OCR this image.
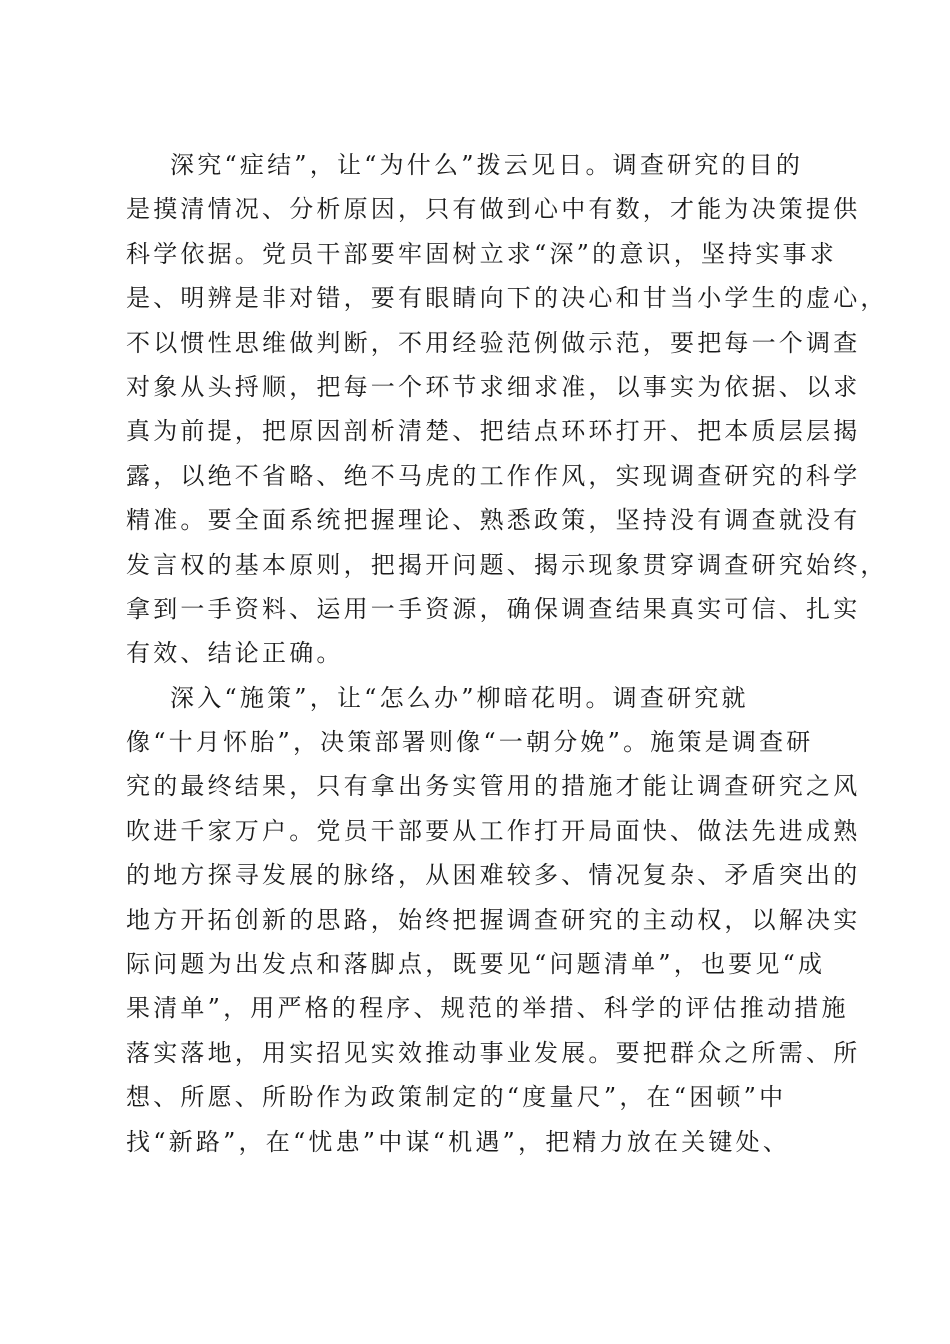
深究“症结”，让“为什么”拨云见日。调查研究的目的
是摸清情况、分析原因，只有做到心中有数，才能为决策提供
科学依据。党员干部要牢固树立求“深”的意识，坚持实事求
是、明辨是非对错，要有眼睛向下的决心和甘当小学生的虚心，
不以惯性思维做判断，不用经验范例做示范，要把每一个调查
对象从头捋顺，把每一个环节求细求准，以事实为依据、以求
真为前提，把原因剖析清楚、把结点环环打开、把本质层层揭
露，以绝不省略、绝不马虎的工作作风，实现调查研究的科学
精准。要全面系统把握理论、熟悉政策，坚持没有调查就没有
发言权的基本原则，把揭开问题、揭示现象贯穿调查研究始终，
拿到一手资料、运用一手资源，确保调查结果真实可信、扎实
有效、结论正确。
深入“施策”，让“怎么办”柳暗花明。调查研究就
像“十月怀胎”，决策部署则像“一朝分娩”。施策是调查研
究的最终结果，只有拿出务实管用的措施才能让调查研究之风
吹进千家万户。党员干部要从工作打开局面快、做法先进成熟
的地方探寻发展的脉络，从困难较多、情况复杂、矛盾突出的
地方开拓创新的思路，始终把握调查研究的主动权，以解决实
际问题为出发点和落脚点，既要见“问题清单”，也要见“成
果清单”，用严格的程序、规范的举措、科学的评估推动措施
落实落地，用实招见实效推动事业发展。要把群众之所需、所
想、所愿、所盼作为政策制定的“度量尺”，在“困顿”中
找“新路”，在“忧患”中谋“机遇”，把精力放在关键处、
